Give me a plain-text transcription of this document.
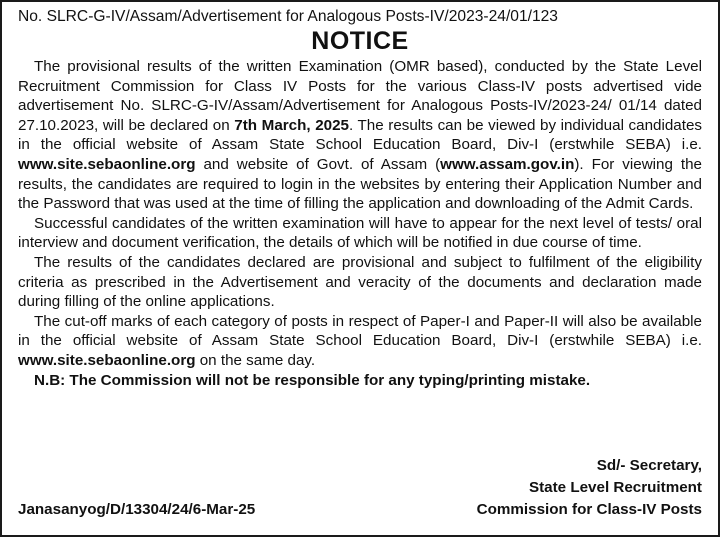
No. SLRC-G-IV/Assam/Advertisement for Analogous Posts-IV/2023-24/01/123
NOTICE

The provisional results of the written Examination (OMR based), conducted by the State Level Recruitment Commission for Class IV Posts for the various Class-IV posts advertised vide advertisement No. SLRC-G-IV/Assam/Advertisement for Analogous Posts-IV/2023-24/ 01/14 dated 27.10.2023, will be declared on 7th March, 2025. The results can be viewed by individual candidates in the official website of Assam State School Education Board, Div-I (erstwhile SEBA) i.e. www.site.sebaonline.org and website of Govt. of Assam (www.assam.gov.in). For viewing the results, the candidates are required to login in the websites by entering their Application Number and the Password that was used at the time of filling the application and downloading of the Admit Cards.

Successful candidates of the written examination will have to appear for the next level of tests/ oral interview and document verification, the details of which will be notified in due course of time.

The results of the candidates declared are provisional and subject to fulfilment of the eligibility criteria as prescribed in the Advertisement and veracity of the documents and declaration made during filling of the online applications.

The cut-off marks of each category of posts in respect of Paper-I and Paper-II will also be available in the official website of Assam State School Education Board, Div-I (erstwhile SEBA) i.e. www.site.sebaonline.org on the same day.

N.B: The Commission will not be responsible for any typing/printing mistake.

Janasanyog/D/13304/24/6-Mar-25
Sd/- Secretary,
State Level Recruitment
Commission for Class-IV Posts
